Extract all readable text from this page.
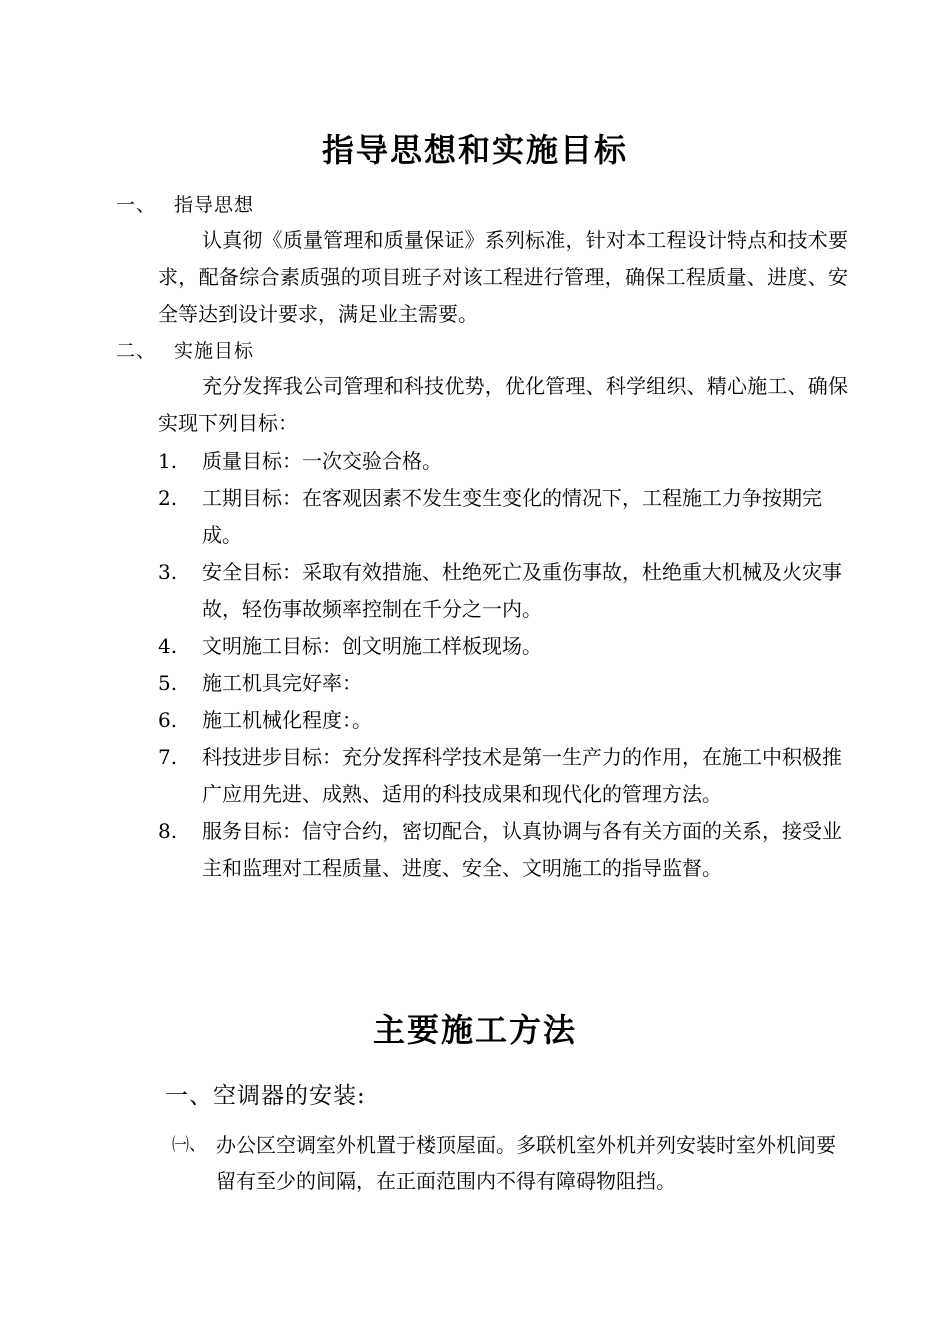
指导思想和实施目标
一、 指导思想

认真彻《质量管理和质量保证》系列标准，针对本工程设计特点和技术要求，配备综合素质强的项目班子对该工程进行管理，确保工程质量、进度、安全等达到设计要求，满足业主需要。

二、 实施目标

充分发挥我公司管理和科技优势，优化管理、科学组织、精心施工、确保实现下列目标：

1. 质量目标：一次交验合格。
2. 工期目标：在客观因素不发生变生变化的情况下，工程施工力争按期完成。
3. 安全目标：采取有效措施、杜绝死亡及重伤事故，杜绝重大机械及火灾事故，轻伤事故频率控制在千分之一内。
4. 文明施工目标：创文明施工样板现场。
5. 施工机具完好率：
6. 施工机械化程度：。
7. 科技进步目标：充分发挥科学技术是第一生产力的作用，在施工中积极推广应用先进、成熟、适用的科技成果和现代化的管理方法。
8. 服务目标：信守合约，密切配合，认真协调与各有关方面的关系，接受业主和监理对工程质量、进度、安全、文明施工的指导监督。
主要施工方法
一、空调器的安装:
㈠、 办公区空调室外机置于楼顶屋面。多联机室外机并列安装时室外机间要留有至少的间隔，在正面范围内不得有障碍物阻挡。
